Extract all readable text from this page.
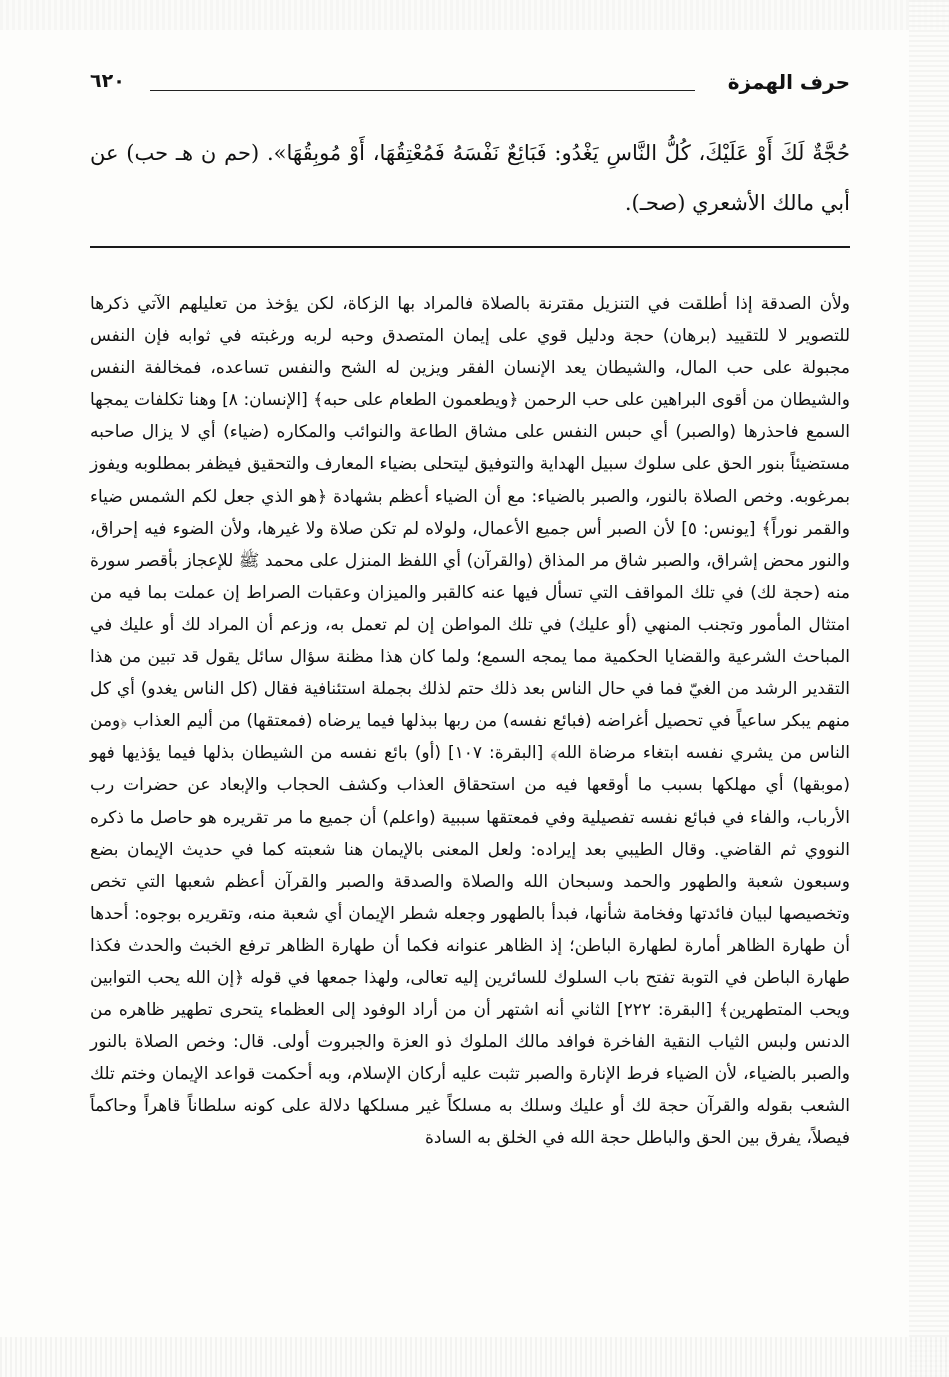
حرف الهمزة
٦٢٠

حُجَّةٌ لَكَ أَوْ عَلَيْكَ، كُلُّ النَّاسِ يَغْدُو: فَبَائِعٌ نَفْسَهُ فَمُعْتِقُهَا، أَوْ مُوبِقُهَا». (حم ن هـ حب) عن أبي مالك الأشعري (صحـ).

ولأن الصدقة إذا أطلقت في التنزيل مقترنة بالصلاة فالمراد بها الزكاة، لكن يؤخذ من تعليلهم الآتي ذكرها للتصوير لا للتقييد (برهان) حجة ودليل قوي على إيمان المتصدق وحبه لربه ورغبته في ثوابه فإن النفس مجبولة على حب المال، والشيطان يعد الإنسان الفقر ويزين له الشح والنفس تساعده، فمخالفة النفس والشيطان من أقوى البراهين على حب الرحمن ﴿ويطعمون الطعام على حبه﴾ [الإنسان: ٨] وهنا تكلفات يمجها السمع فاحذرها (والصبر) أي حبس النفس على مشاق الطاعة والنوائب والمكاره (ضياء) أي لا يزال صاحبه مستضيئاً بنور الحق على سلوك سبيل الهداية والتوفيق ليتحلى بضياء المعارف والتحقيق فيظفر بمطلوبه ويفوز بمرغوبه. وخص الصلاة بالنور، والصبر بالضياء: مع أن الضياء أعظم بشهادة ﴿هو الذي جعل لكم الشمس ضياء والقمر نوراً﴾ [يونس: ٥] لأن الصبر أس جميع الأعمال، ولولاه لم تكن صلاة ولا غيرها، ولأن الضوء فيه إحراق، والنور محض إشراق، والصبر شاق مر المذاق (والقرآن) أي اللفظ المنزل على محمد ﷺ للإعجاز بأقصر سورة منه (حجة لك) في تلك المواقف التي تسأل فيها عنه كالقبر والميزان وعقبات الصراط إن عملت بما فيه من امتثال المأمور وتجنب المنهي (أو عليك) في تلك المواطن إن لم تعمل به، وزعم أن المراد لك أو عليك في المباحث الشرعية والقضايا الحكمية مما يمجه السمع؛ ولما كان هذا مظنة سؤال سائل يقول قد تبين من هذا التقدير الرشد من الغيّ فما في حال الناس بعد ذلك حتم لذلك بجملة استئنافية فقال (كل الناس يغدو) أي كل منهم يبكر ساعياً في تحصيل أغراضه (فبائع نفسه) من ربها ببذلها فيما يرضاه (فمعتقها) من أليم العذاب ﴿ومن الناس من يشري نفسه ابتغاء مرضاة الله﴾ [البقرة: ١٠٧] (أو) بائع نفسه من الشيطان بذلها فيما يؤذيها فهو (موبقها) أي مهلكها بسبب ما أوقعها فيه من استحقاق العذاب وكشف الحجاب والإبعاد عن حضرات رب الأرباب، والفاء في فبائع نفسه تفصيلية وفي فمعتقها سببية (واعلم) أن جميع ما مر تقريره هو حاصل ما ذكره النووي ثم القاضي. وقال الطيبي بعد إيراده: ولعل المعنى بالإيمان هنا شعبته كما في حديث الإيمان بضع وسبعون شعبة والطهور والحمد وسبحان الله والصلاة والصدقة والصبر والقرآن أعظم شعبها التي تخص وتخصيصها لبيان فائدتها وفخامة شأنها، فبدأ بالطهور وجعله شطر الإيمان أي شعبة منه، وتقريره بوجوه: أحدها أن طهارة الظاهر أمارة لطهارة الباطن؛ إذ الظاهر عنوانه فكما أن طهارة الظاهر ترفع الخبث والحدث فكذا طهارة الباطن في التوبة تفتح باب السلوك للسائرين إليه تعالى، ولهذا جمعها في قوله ﴿إن الله يحب التوابين ويحب المتطهرين﴾ [البقرة: ٢٢٢] الثاني أنه اشتهر أن من أراد الوفود إلى العظماء يتحرى تطهير ظاهره من الدنس ولبس الثياب النقية الفاخرة فوافد مالك الملوك ذو العزة والجبروت أولى. قال: وخص الصلاة بالنور والصبر بالضياء، لأن الضياء فرط الإنارة والصبر تثبت عليه أركان الإسلام، وبه أحكمت قواعد الإيمان وختم تلك الشعب بقوله والقرآن حجة لك أو عليك وسلك به مسلكاً غير مسلكها دلالة على كونه سلطاناً قاهراً وحاكماً فيصلاً، يفرق بين الحق والباطل حجة الله في الخلق به السادة
